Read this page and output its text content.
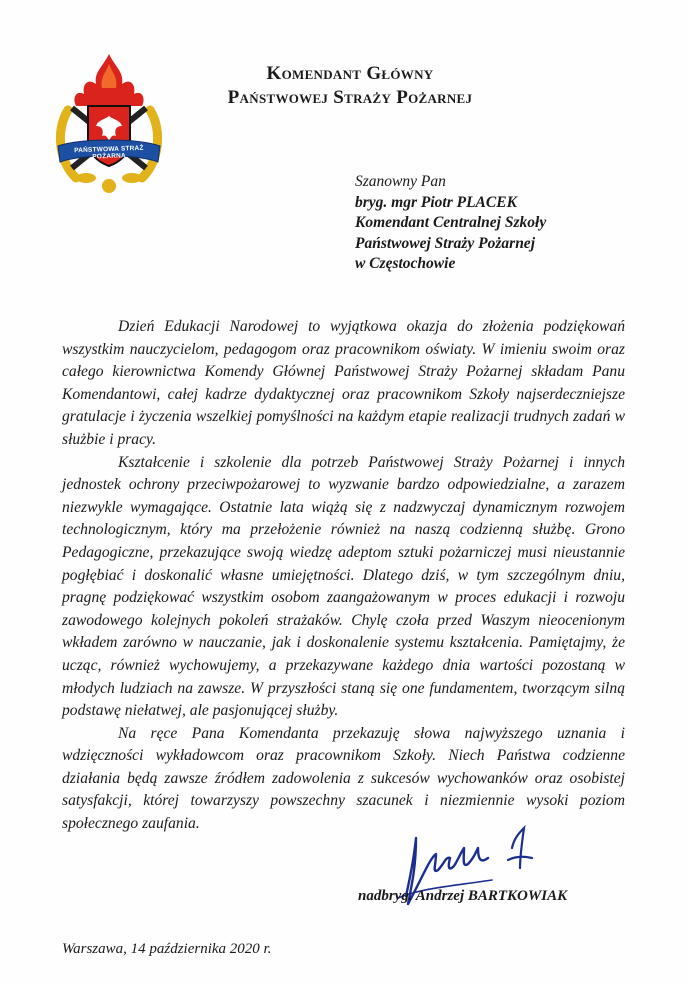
PAŃSTWOWA STRAŻ POŻARNA
Komendant Główny
Państwowej Straży Pożarnej
Szanowny Pan
bryg. mgr Piotr PLACEK
Komendant Centralnej Szkoły
Państwowej Straży Pożarnej
w Częstochowie

Dzień Edukacji Narodowej to wyjątkowa okazja do złożenia podziękowań wszystkim nauczycielom, pedagogom oraz pracownikom oświaty. W imieniu swoim oraz całego kierownictwa Komendy Głównej Państwowej Straży Pożarnej składam Panu Komendantowi, całej kadrze dydaktycznej oraz pracownikom Szkoły najserdeczniejsze gratulacje i życzenia wszelkiej pomyślności na każdym etapie realizacji trudnych zadań w służbie i pracy.

Kształcenie i szkolenie dla potrzeb Państwowej Straży Pożarnej i innych jednostek ochrony przeciwpożarowej to wyzwanie bardzo odpowiedzialne, a zarazem niezwykle wymagające. Ostatnie lata wiążą się z nadzwyczaj dynamicznym rozwojem technologicznym, który ma przełożenie również na naszą codzienną służbę. Grono Pedagogiczne, przekazujące swoją wiedzę adeptom sztuki pożarniczej musi nieustannie pogłębiać i doskonalić własne umiejętności. Dlatego dziś, w tym szczególnym dniu, pragnę podziękować wszystkim osobom zaangażowanym w proces edukacji i rozwoju zawodowego kolejnych pokoleń strażaków. Chylę czoła przed Waszym nieocenionym wkładem zarówno w nauczanie, jak i doskonalenie systemu kształcenia. Pamiętajmy, że ucząc, również wychowujemy, a przekazywane każdego dnia wartości pozostaną w młodych ludziach na zawsze. W przyszłości staną się one fundamentem, tworzącym silną podstawę niełatwej, ale pasjonującej służby.

Na ręce Pana Komendanta przekazuję słowa najwyższego uznania i wdzięczności wykładowcom oraz pracownikom Szkoły. Niech Państwa codzienne działania będą zawsze źródłem zadowolenia z sukcesów wychowanków oraz osobistej satysfakcji, której towarzyszy powszechny szacunek i niezmiennie wysoki poziom społecznego zaufania.

nadbryg. Andrzej BARTKOWIAK
Warszawa, 14 października 2020 r.
